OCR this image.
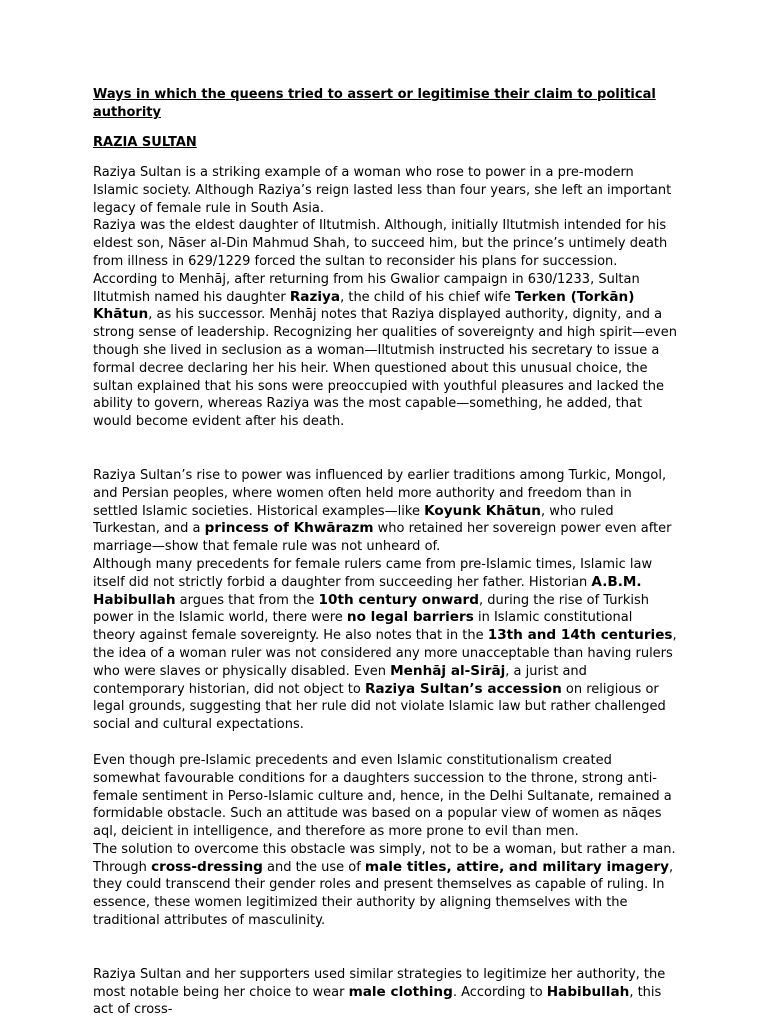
Ways in which the queens tried to assert or legitimise their claim to political authority
RAZIA SULTAN

Raziya Sultan is a striking example of a woman who rose to power in a pre-modern Islamic society. Although Raziya’s reign lasted less than four years, she left an important legacy of female rule in South Asia.

Raziya was the eldest daughter of Iltutmish. Although, initially Iltutmish intended for his eldest son, Nāser al-Din Mahmud Shah, to succeed him, but the prince’s untimely death from illness in 629/1229 forced the sultan to reconsider his plans for succession. According to Menhāj, after returning from his Gwalior campaign in 630/1233, Sultan Iltutmish named his daughter Raziya, the child of his chief wife Terken (Torkān) Khātun, as his successor. Menhāj notes that Raziya displayed authority, dignity, and a strong sense of leadership. Recognizing her qualities of sovereignty and high spirit—even though she lived in seclusion as a woman—Iltutmish instructed his secretary to issue a formal decree declaring her his heir. When questioned about this unusual choice, the sultan explained that his sons were preoccupied with youthful pleasures and lacked the ability to govern, whereas Raziya was the most capable—something, he added, that would become evident after his death.

Raziya Sultan’s rise to power was influenced by earlier traditions among Turkic, Mongol, and Persian peoples, where women often held more authority and freedom than in settled Islamic societies. Historical examples—like Koyunk Khātun, who ruled Turkestan, and a princess of Khwārazm who retained her sovereign power even after marriage—show that female rule was not unheard of.

Although many precedents for female rulers came from pre-Islamic times, Islamic law itself did not strictly forbid a daughter from succeeding her father. Historian A.B.M. Habibullah argues that from the 10th century onward, during the rise of Turkish power in the Islamic world, there were no legal barriers in Islamic constitutional theory against female sovereignty. He also notes that in the 13th and 14th centuries, the idea of a woman ruler was not considered any more unacceptable than having rulers who were slaves or physically disabled. Even Menhāj al-Sirāj, a jurist and contemporary historian, did not object to Raziya Sultan’s accession on religious or legal grounds, suggesting that her rule did not violate Islamic law but rather challenged social and cultural expectations.

Even though pre-Islamic precedents and even Islamic constitutionalism created somewhat favourable conditions for a daughters succession to the throne, strong anti-female sentiment in Perso-Islamic culture and, hence, in the Delhi Sultanate, remained a formidable obstacle. Such an attitude was based on a popular view of women as nāqes aql, deicient in intelligence, and therefore as more prone to evil than men.

The solution to overcome this obstacle was simply, not to be a woman, but rather a man. Through cross-dressing and the use of male titles, attire, and military imagery, they could transcend their gender roles and present themselves as capable of ruling. In essence, these women legitimized their authority by aligning themselves with the traditional attributes of masculinity.

Raziya Sultan and her supporters used similar strategies to legitimize her authority, the most notable being her choice to wear male clothing. According to Habibullah, this act of cross-
